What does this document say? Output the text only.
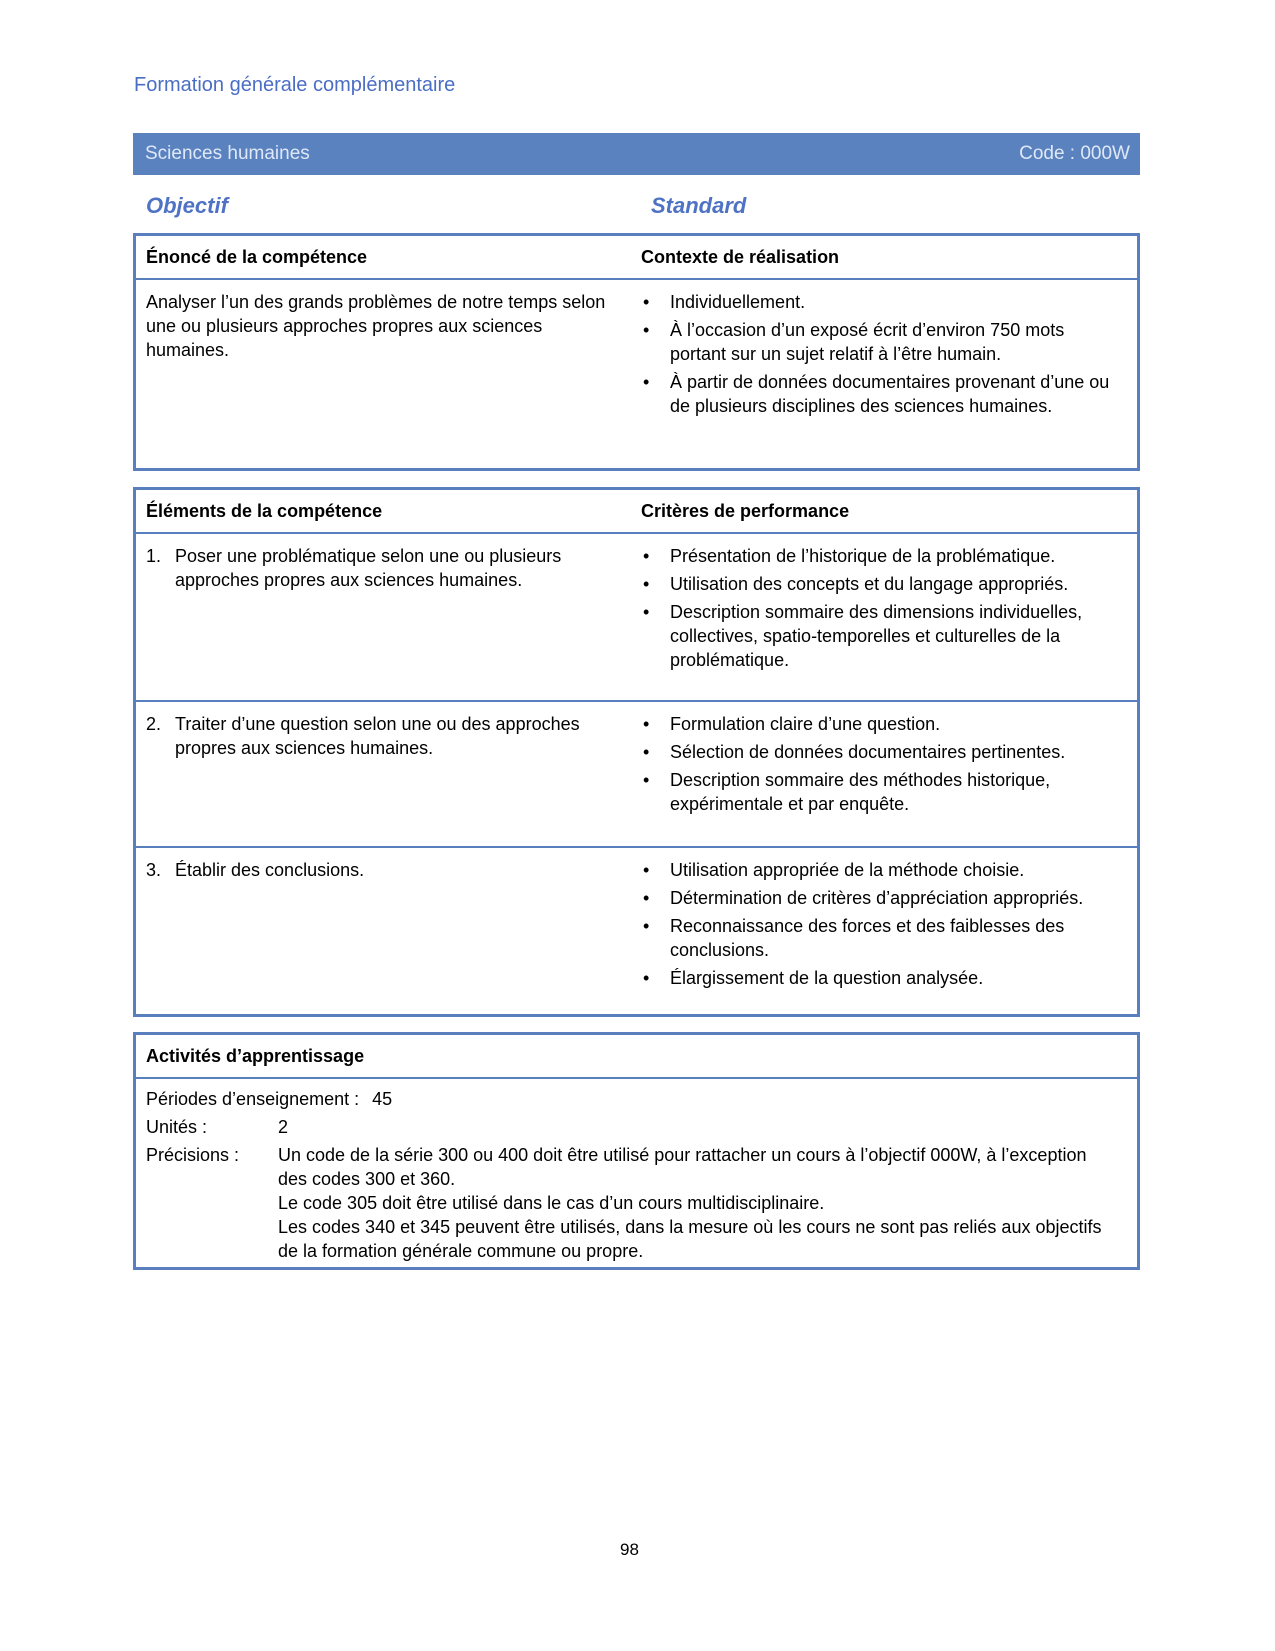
Formation générale complémentaire
Sciences humaines	Code : 000W
Objectif	Standard
Énoncé de la compétence	Contexte de réalisation
Analyser l’un des grands problèmes de notre temps selon une ou plusieurs approches propres aux sciences humaines.
• Individuellement.
• À l’occasion d’un exposé écrit d’environ 750 mots portant sur un sujet relatif à l’être humain.
• À partir de données documentaires provenant d’une ou de plusieurs disciplines des sciences humaines.
Éléments de la compétence	Critères de performance
1. Poser une problématique selon une ou plusieurs approches propres aux sciences humaines.
• Présentation de l’historique de la problématique.
• Utilisation des concepts et du langage appropriés.
• Description sommaire des dimensions individuelles, collectives, spatio-temporelles et culturelles de la problématique.
2. Traiter d’une question selon une ou des approches propres aux sciences humaines.
• Formulation claire d’une question.
• Sélection de données documentaires pertinentes.
• Description sommaire des méthodes historique, expérimentale et par enquête.
3. Établir des conclusions.	• Utilisation appropriée de la méthode choisie.
• Détermination de critères d’appréciation appropriés.
• Reconnaissance des forces et des faiblesses des conclusions.
• Élargissement de la question analysée.
Activités d’apprentissage
Périodes d’enseignement : 45
Unités :	2
Précisions : Un code de la série 300 ou 400 doit être utilisé pour rattacher un cours à l’objectif 000W, à l’exception des codes 300 et 360.
Le code 305 doit être utilisé dans le cas d’un cours multidisciplinaire.
Les codes 340 et 345 peuvent être utilisés, dans la mesure où les cours ne sont pas reliés aux objectifs de la formation générale commune ou propre.
98
